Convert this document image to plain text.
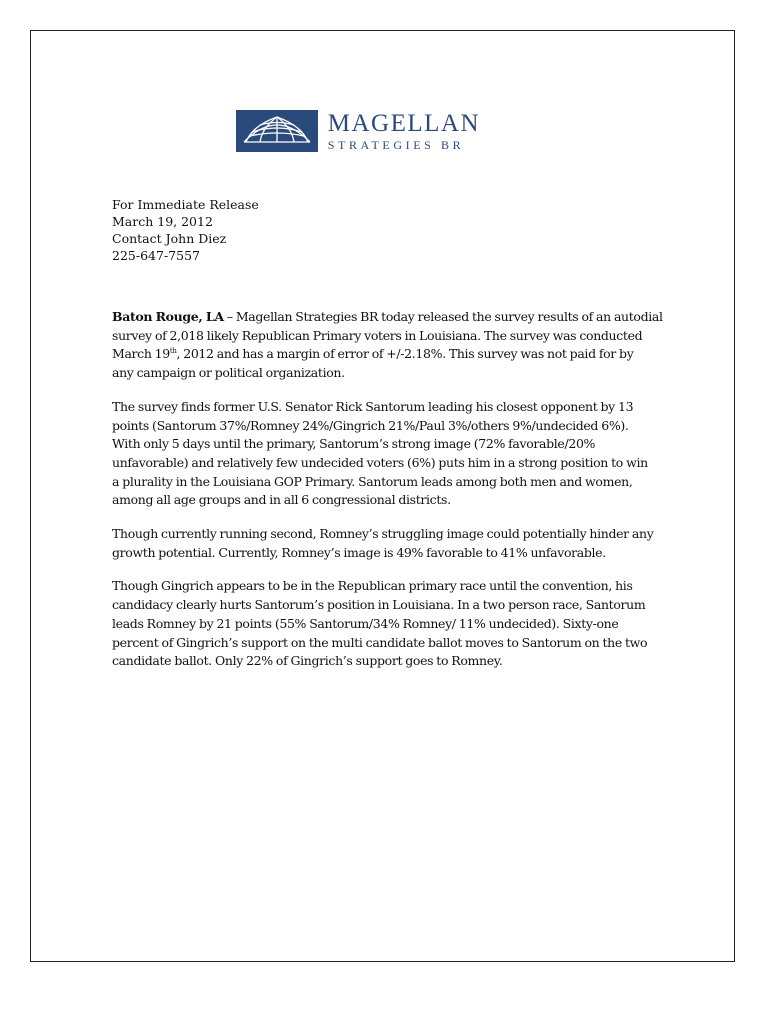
MAGELLAN
STRATEGIES BR
For Immediate Release
March 19, 2012
Contact John Diez
225-647-7557

Baton Rouge, LA – Magellan Strategies BR today released the survey results of an autodial
survey of 2,018 likely Republican Primary voters in Louisiana. The survey was conducted
March 19th, 2012 and has a margin of error of +/-2.18%. This survey was not paid for by
any campaign or political organization.

The survey finds former U.S. Senator Rick Santorum leading his closest opponent by 13
points (Santorum 37%/Romney 24%/Gingrich 21%/Paul 3%/others 9%/undecided 6%).
With only 5 days until the primary, Santorum’s strong image (72% favorable/20%
unfavorable) and relatively few undecided voters (6%) puts him in a strong position to win
a plurality in the Louisiana GOP Primary. Santorum leads among both men and women,
among all age groups and in all 6 congressional districts.

Though currently running second, Romney’s struggling image could potentially hinder any
growth potential. Currently, Romney’s image is 49% favorable to 41% unfavorable.

Though Gingrich appears to be in the Republican primary race until the convention, his
candidacy clearly hurts Santorum’s position in Louisiana. In a two person race, Santorum
leads Romney by 21 points (55% Santorum/34% Romney/ 11% undecided). Sixty-one
percent of Gingrich’s support on the multi candidate ballot moves to Santorum on the two
candidate ballot. Only 22% of Gingrich’s support goes to Romney.
